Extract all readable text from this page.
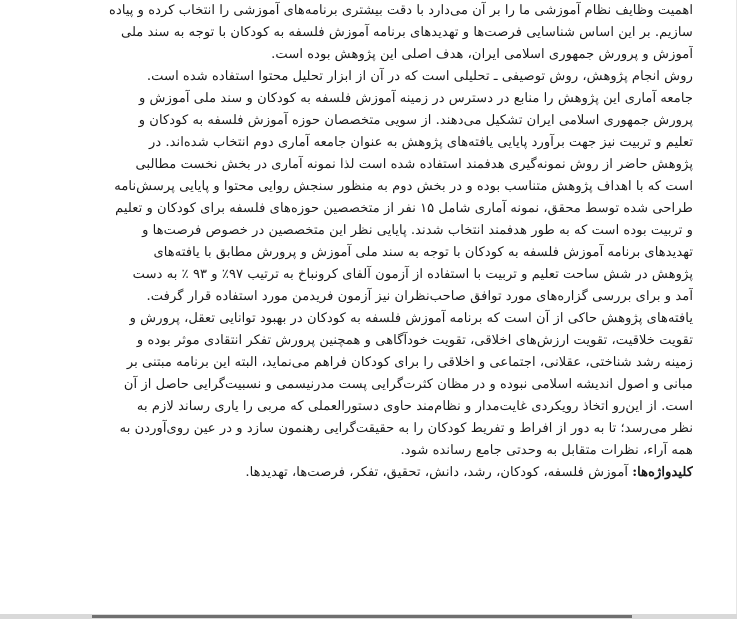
اهمیت وظایف نظام آموزشی ما را بر آن می‌دارد با دقت بیشتری برنامه‌های آموزشی را انتخاب کرده و پیاده
سازیم. بر این اساس شناسایی فرصت‌ها و تهدیدهای برنامه آموزش فلسفه به کودکان با توجه به سند ملی
آموزش و پرورش جمهوری اسلامی ایران، هدف اصلی این پژوهش بوده است.
روش انجام پژوهش، روش توصیفی ـ تحلیلی است که در آن از ابزار تحلیل محتوا استفاده شده است.
جامعه آماری این پژوهش را منابع در دسترس در زمینه آموزش فلسفه به کودکان و سند ملی آموزش و
پرورش جمهوری اسلامی ایران تشکیل می‌دهند. از سویی متخصصان حوزه آموزش فلسفه به کودکان و
تعلیم و تربیت نیز جهت برآورد پایایی یافته‌های پژوهش به عنوان جامعه آماری دوم انتخاب شده‌اند. در
پژوهش حاضر از روش نمونه‌گیری هدفمند استفاده شده است لذا نمونه آماری در بخش نخست مطالبی
است که با اهداف پژوهش متناسب بوده و در بخش دوم به منظور سنجش روایی محتوا و پایایی پرسش‌نامه
طراحی شده توسط محقق، نمونه آماری شامل ۱۵ نفر از متخصصین حوزه‌های فلسفه برای کودکان و تعلیم
و تربیت بوده است که به طور هدفمند انتخاب شدند. پایایی نظر این متخصصین در خصوص فرصت‌ها و
تهدیدهای برنامه آموزش فلسفه به کودکان با توجه به سند ملی آموزش و پرورش مطابق با یافته‌های
پژوهش در شش ساحت تعلیم و تربیت با استفاده از آزمون آلفای کرونباخ به ترتیب ۹۷٪ و ۹۳ ٪ به دست
آمد و برای بررسی گزاره‌های مورد توافق صاحب‌نظران نیز آزمون فریدمن مورد استفاده قرار گرفت.
یافته‌های پژوهش حاکی از آن است که برنامه آموزش فلسفه به کودکان در بهبود توانایی تعقل، پرورش و
تقویت خلاقیت، تقویت ارزش‌های اخلاقی، تقویت خودآگاهی و همچنین پرورش تفکر انتقادی موثر بوده و
زمینه رشد شناختی، عقلانی، اجتماعی و اخلاقی را برای کودکان فراهم می‌نماید، البته این برنامه مبتنی بر
مبانی و اصول اندیشه اسلامی نبوده و در مظان کثرت‌گرایی پست مدرنیسمی و نسبیت‌گرایی حاصل از آن
است. از این‌رو اتخاذ رویکردی غایت‌مدار و نظام‌مند حاوی دستورالعملی که مربی را یاری رساند لازم به
نظر می‌رسد؛ تا به دور از افراط و تفریط کودکان را به حقیقت‌گرایی رهنمون سازد و در عین روی‌آوردن به
همه آراء، نظرات متقابل به وحدتی جامع رسانده شود.
کلیدواژه‌ها: آموزش فلسفه، کودکان، رشد، دانش، تحقیق، تفکر، فرصت‌ها، تهدیدها.
